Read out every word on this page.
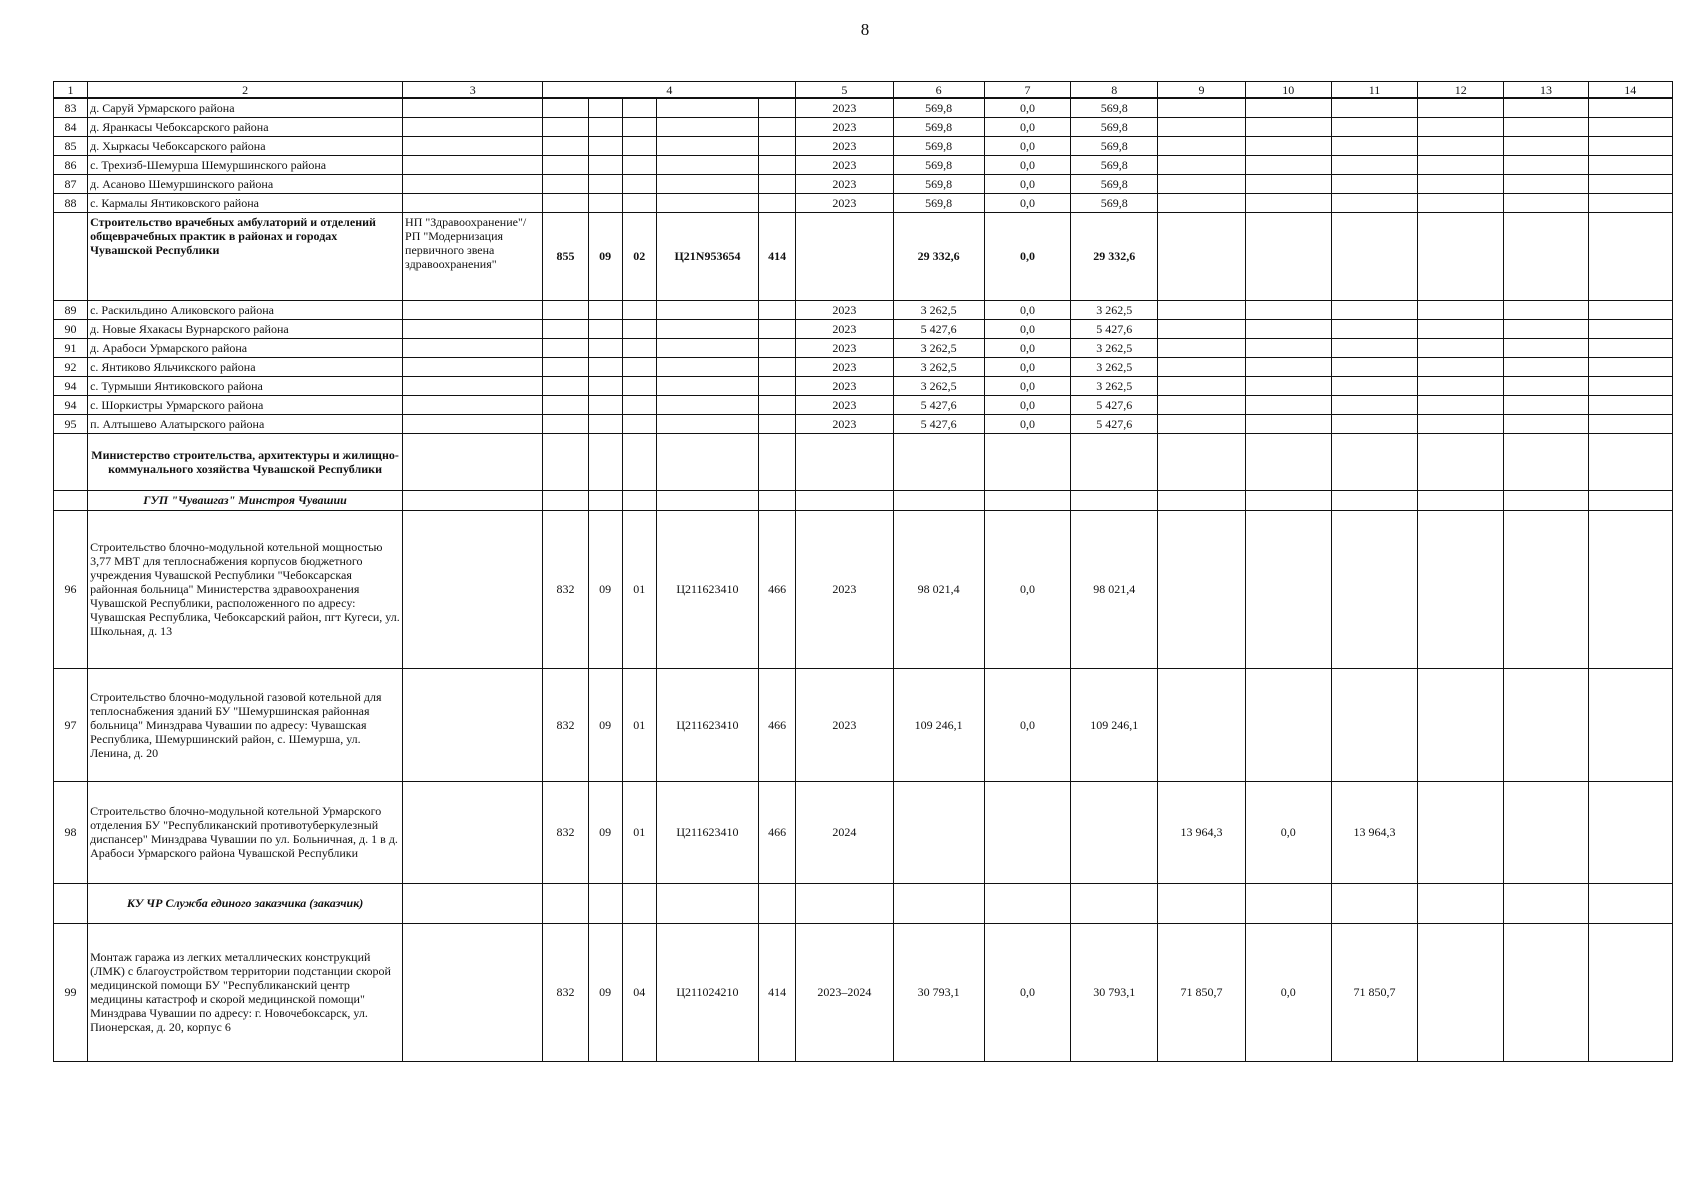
8
1	2	3	4					5	6	7	8	9	10	11	12	13	14
83	д. Саруй Урмарского района							2023	569,8	0,0	569,8						
84	д. Яранкасы Чебоксарского района							2023	569,8	0,0	569,8						
85	д. Хыркасы Чебоксарского района							2023	569,8	0,0	569,8						
86	с. Трехизб-Шемурша Шемуршинского района							2023	569,8	0,0	569,8						
87	д. Асаново Шемуршинского района							2023	569,8	0,0	569,8						
88	с. Кармалы Янтиковского района							2023	569,8	0,0	569,8						
	Строительство врачебных амбулаторий и отделений общеврачебных практик в районах и городах Чувашской Республики	НП "Здравоохранение"/ РП "Модернизация первичного звена здравоохранения"	855	09	02	Ц21N953654	414		29 332,6	0,0	29 332,6						
89	с. Раскильдино Аликовского района							2023	3 262,5	0,0	3 262,5						
90	д. Новые Яхакасы Вурнарского района							2023	5 427,6	0,0	5 427,6						
91	д. Арабоси Урмарского района							2023	3 262,5	0,0	3 262,5						
92	с. Янтиково Яльчикского района							2023	3 262,5	0,0	3 262,5						
94	с. Турмыши Янтиковского района							2023	3 262,5	0,0	3 262,5						
94	с. Шоркистры Урмарского района							2023	5 427,6	0,0	5 427,6						
95	п. Алтышево Алатырского района							2023	5 427,6	0,0	5 427,6						
	Министерство строительства, архитектуры и жилищно-коммунального хозяйства Чувашской Республики																
	ГУП "Чувашгаз" Минстроя Чувашии																
96	Строительство блочно-модульной котельной мощностью 3,77 МВТ для теплоснабжения корпусов бюджетного учреждения Чувашской Республики "Чебоксарская районная больница" Министерства здравоохранения Чувашской Республики, расположенного по адресу: Чувашская Республика, Чебоксарский район, пгт Кугеси, ул. Школьная, д. 13		832	09	01	Ц211623410	466	2023	98 021,4	0,0	98 021,4						
97	Строительство блочно-модульной газовой котельной для теплоснабжения зданий БУ "Шемуршинская районная больница" Минздрава Чувашии по адресу: Чувашская Республика, Шемуршинский район, с. Шемурша, ул. Ленина, д. 20		832	09	01	Ц211623410	466	2023	109 246,1	0,0	109 246,1						
98	Строительство блочно-модульной котельной Урмарского отделения БУ "Республиканский противотуберкулезный диспансер" Минздрава Чувашии по ул. Больничная, д. 1 в д. Арабоси Урмарского района Чувашской Республики		832	09	01	Ц211623410	466	2024				13 964,3	0,0	13 964,3			
	КУ ЧР Служба единого заказчика (заказчик)																
99	Монтаж гаража из легких металлических конструкций (ЛМК) с благоустройством территории подстанции скорой медицинской помощи БУ "Республиканский центр медицины катастроф и скорой медицинской помощи" Минздрава Чувашии по адресу: г. Новочебоксарск, ул. Пионерская, д. 20, корпус 6		832	09	04	Ц211024210	414	2023–2024	30 793,1	0,0	30 793,1	71 850,7	0,0	71 850,7			
